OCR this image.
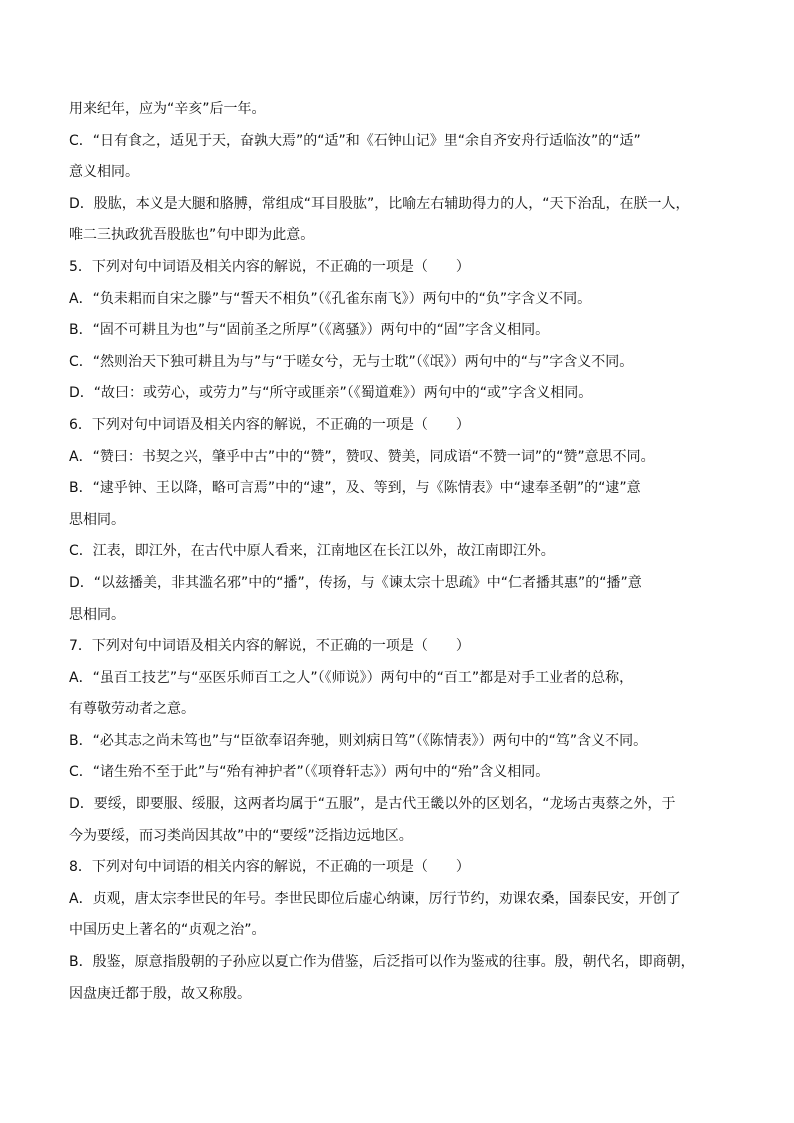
用来纪年，应为“辛亥”后一年。
C．“日有食之，适见于天，奋孰大焉”的“适”和《石钟山记》里“余自齐安舟行适临汝”的“适”
意义相同。
D．股肱，本义是大腿和胳膊，常组成“耳目股肱”，比喻左右辅助得力的人，“天下治乱，在朕一人，
唯二三执政犹吾股肱也”句中即为此意。
5．下列对句中词语及相关内容的解说，不正确的一项是（　　）
A．“负耒耜而自宋之滕”与“誓天不相负”（《孔雀东南飞》）两句中的“负”字含义不同。
B．“固不可耕且为也”与“固前圣之所厚”（《离骚》）两句中的“固”字含义相同。
C．“然则治天下独可耕且为与”与“于嗟女兮，无与士耽”（《氓》）两句中的“与”字含义不同。
D．“故曰：或劳心，或劳力”与“所守或匪亲”（《蜀道难》）两句中的“或”字含义相同。
6．下列对句中词语及相关内容的解说，不正确的一项是（　　）
A．“赞曰：书契之兴，肇乎中古”中的“赞”，赞叹、赞美，同成语“不赞一词”的“赞”意思不同。
B．“逮乎钟、王以降，略可言焉”中的“逮”，及、等到，与《陈情表》中“逮奉圣朝”的“逮”意
思相同。
C．江表，即江外，在古代中原人看来，江南地区在长江以外，故江南即江外。
D．“以兹播美，非其滥名邪”中的“播”，传扬，与《谏太宗十思疏》中“仁者播其惠”的“播”意
思相同。
7．下列对句中词语及相关内容的解说，不正确的一项是（　　）
A．“虽百工技艺”与“巫医乐师百工之人”（《师说》）两句中的“百工”都是对手工业者的总称，
有尊敬劳动者之意。
B．“必其志之尚未笃也”与“臣欲奉诏奔驰，则刘病日笃”（《陈情表》）两句中的“笃”含义不同。
C．“诸生殆不至于此”与“殆有神护者”（《项脊轩志》）两句中的“殆”含义相同。
D．要绥，即要服、绥服，这两者均属于“五服”，是古代王畿以外的区划名，“龙场古夷蔡之外，于
今为要绥，而习类尚因其故”中的“要绥”泛指边远地区。
8．下列对句中词语的相关内容的解说，不正确的一项是（　　）
A．贞观，唐太宗李世民的年号。李世民即位后虚心纳谏，厉行节约，劝课农桑，国泰民安，开创了
中国历史上著名的“贞观之治”。
B．殷鉴，原意指殷朝的子孙应以夏亡作为借鉴，后泛指可以作为鉴戒的往事。殷，朝代名，即商朝，
因盘庚迁都于殷，故又称殷。
